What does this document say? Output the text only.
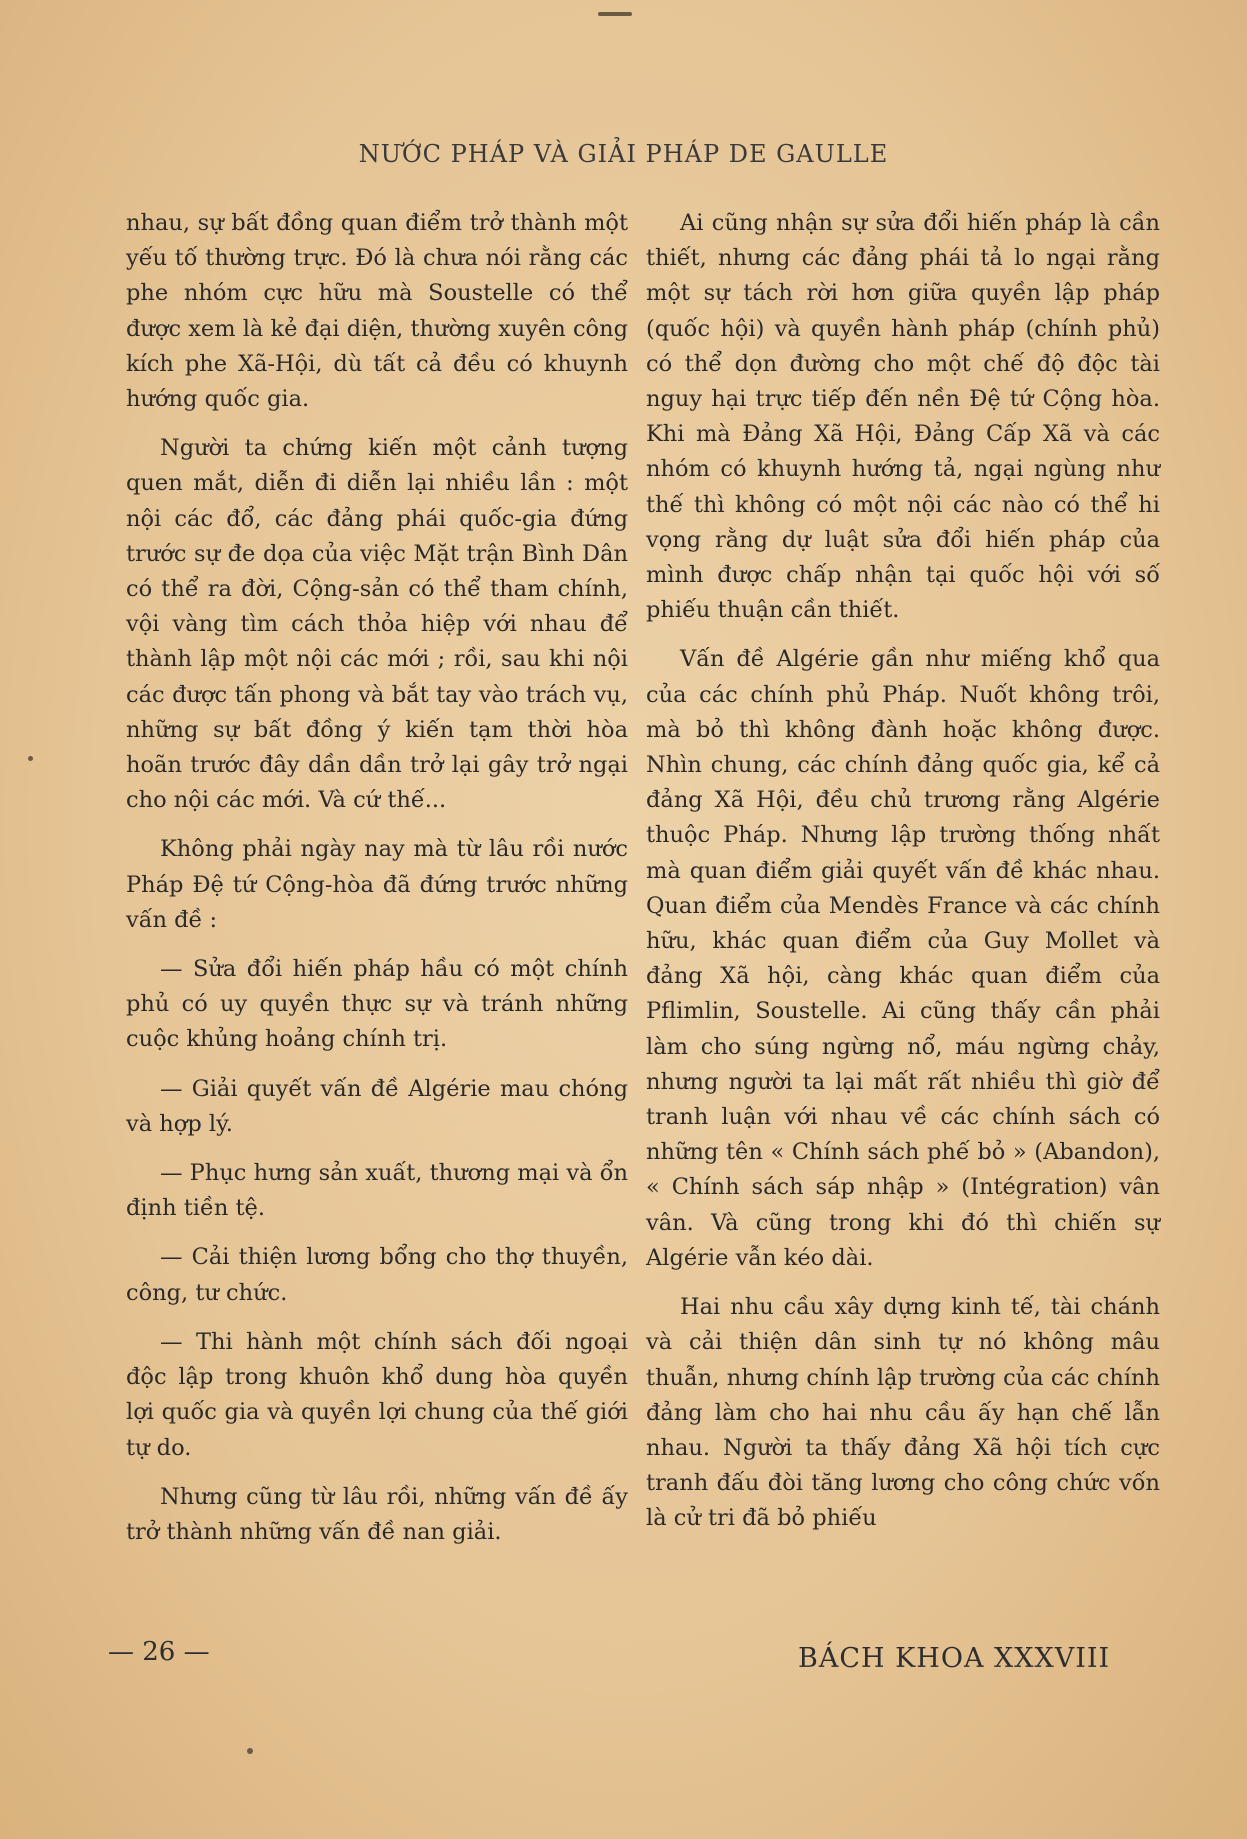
NƯỚC PHÁP VÀ GIẢI PHÁP DE GAULLE

nhau, sự bất đồng quan điểm trở thành một yếu tố thường trực. Đó là chưa nói rằng các phe nhóm cực hữu mà Soustelle có thể được xem là kẻ đại diện, thường xuyên công kích phe Xã-Hội, dù tất cả đều có khuynh hướng quốc gia.

Người ta chứng kiến một cảnh tượng quen mắt, diễn đi diễn lại nhiều lần : một nội các đổ, các đảng phái quốc-gia đứng trước sự đe dọa của việc Mặt trận Bình Dân có thể ra đời, Cộng-sản có thể tham chính, vội vàng tìm cách thỏa hiệp với nhau để thành lập một nội các mới ; rồi, sau khi nội các được tấn phong và bắt tay vào trách vụ, những sự bất đồng ý kiến tạm thời hòa hoãn trước đây dần dần trở lại gây trở ngại cho nội các mới. Và cứ thế...

Không phải ngày nay mà từ lâu rồi nước Pháp Đệ tứ Cộng-hòa đã đứng trước những vấn đề :

— Sửa đổi hiến pháp hầu có một chính phủ có uy quyền thực sự và tránh những cuộc khủng hoảng chính trị.

— Giải quyết vấn đề Algérie mau chóng và hợp lý.

— Phục hưng sản xuất, thương mại và ổn định tiền tệ.

— Cải thiện lương bổng cho thợ thuyền, công, tư chức.

— Thi hành một chính sách đối ngoại độc lập trong khuôn khổ dung hòa quyền lợi quốc gia và quyền lợi chung của thế giới tự do.

Nhưng cũng từ lâu rồi, những vấn đề ấy trở thành những vấn đề nan giải.

Ai cũng nhận sự sửa đổi hiến pháp là cần thiết, nhưng các đảng phái tả lo ngại rằng một sự tách rời hơn giữa quyền lập pháp (quốc hội) và quyền hành pháp (chính phủ) có thể dọn đường cho một chế độ độc tài nguy hại trực tiếp đến nền Đệ tứ Cộng hòa. Khi mà Đảng Xã Hội, Đảng Cấp Xã và các nhóm có khuynh hướng tả, ngại ngùng như thế thì không có một nội các nào có thể hi vọng rằng dự luật sửa đổi hiến pháp của mình được chấp nhận tại quốc hội với số phiếu thuận cần thiết.

Vấn đề Algérie gần như miếng khổ qua của các chính phủ Pháp. Nuốt không trôi, mà bỏ thì không đành hoặc không được. Nhìn chung, các chính đảng quốc gia, kể cả đảng Xã Hội, đều chủ trương rằng Algérie thuộc Pháp. Nhưng lập trường thống nhất mà quan điểm giải quyết vấn đề khác nhau. Quan điểm của Mendès France và các chính hữu, khác quan điểm của Guy Mollet và đảng Xã hội, càng khác quan điểm của Pflimlin, Soustelle. Ai cũng thấy cần phải làm cho súng ngừng nổ, máu ngừng chảy, nhưng người ta lại mất rất nhiều thì giờ để tranh luận với nhau về các chính sách có những tên « Chính sách phế bỏ » (Abandon), « Chính sách sáp nhập » (Intégration) vân vân. Và cũng trong khi đó thì chiến sự Algérie vẫn kéo dài.

Hai nhu cầu xây dựng kinh tế, tài chánh và cải thiện dân sinh tự nó không mâu thuẫn, nhưng chính lập trường của các chính đảng làm cho hai nhu cầu ấy hạn chế lẫn nhau. Người ta thấy đảng Xã hội tích cực tranh đấu đòi tăng lương cho công chức vốn là cử tri đã bỏ phiếu

— 26 —	BÁCH KHOA XXXVIII
